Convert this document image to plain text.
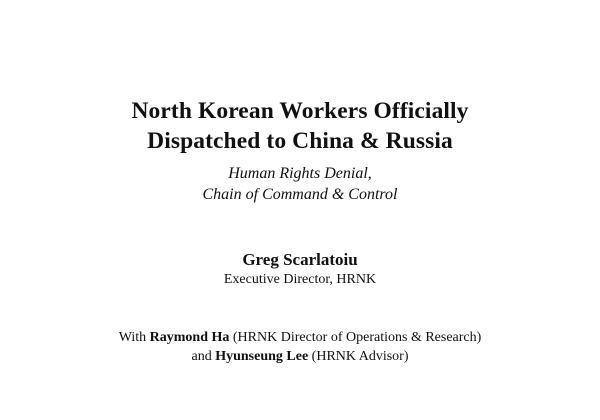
North Korean Workers Officially
Dispatched to China & Russia
Human Rights Denial,
Chain of Command & Control
Greg Scarlatoiu
Executive Director, HRNK
With Raymond Ha (HRNK Director of Operations & Research)
and Hyunseung Lee (HRNK Advisor)
